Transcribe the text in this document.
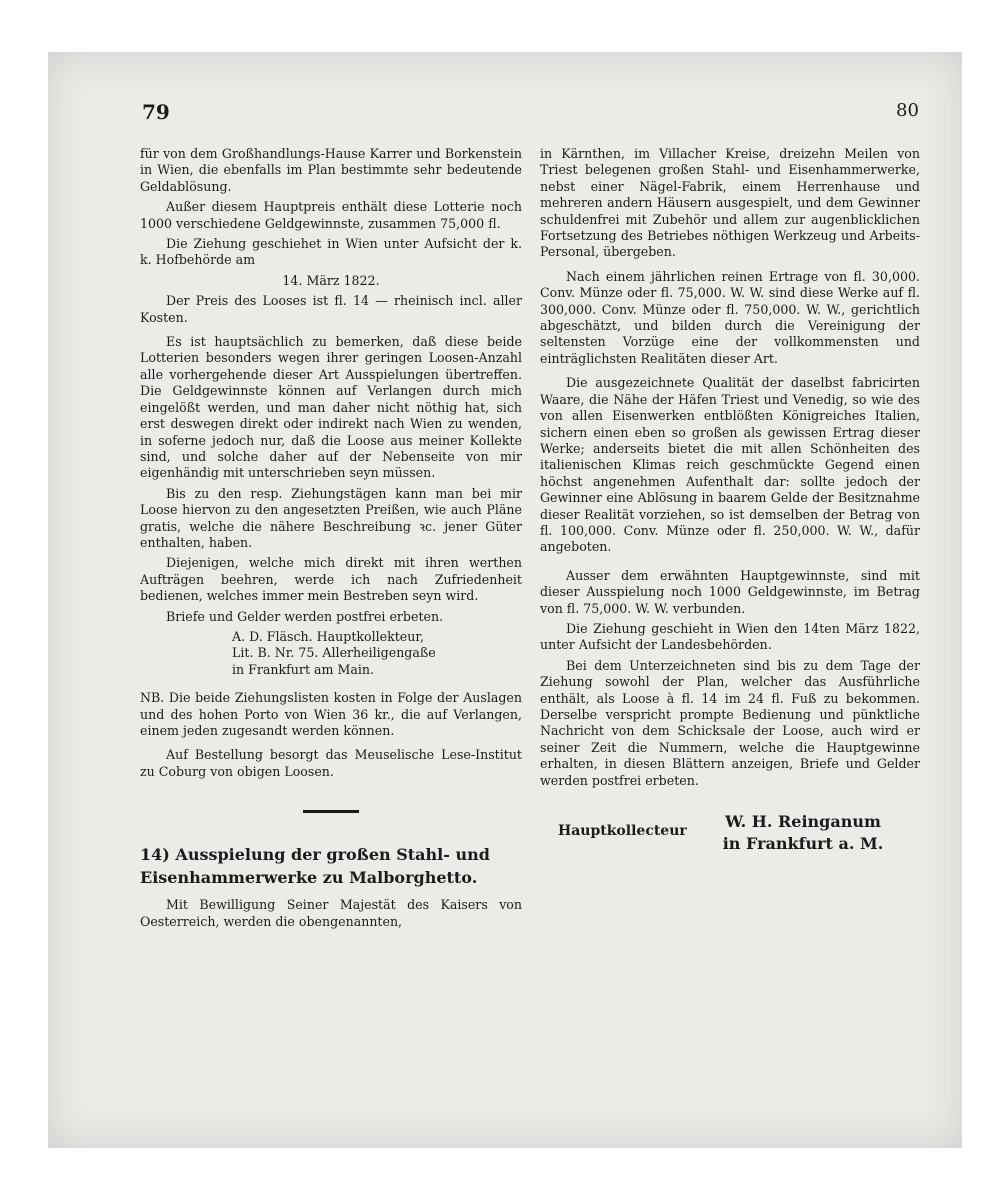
79	80

für von dem Großhandlungs-Hause Karrer und Borkenstein in Wien, die ebenfalls im Plan bestimmte sehr bedeutende Geldablösung.

Außer diesem Hauptpreis enthält diese Lotterie noch 1000 verschiedene Geldgewinnste, zusammen 75,000 fl.

Die Ziehung geschiehet in Wien unter Aufsicht der k. k. Hofbehörde am

14. März 1822.

Der Preis des Looses ist fl. 14 — rheinisch incl. aller Kosten.

Es ist hauptsächlich zu bemerken, daß diese beide Lotterien besonders wegen ihrer geringen Loosen-Anzahl alle vorhergehende dieser Art Ausspielungen übertreffen. Die Geldgewinnste können auf Verlangen durch mich eingelößt werden, und man daher nicht nöthig hat, sich erst deswegen direkt oder indirekt nach Wien zu wenden, in soferne jedoch nur, daß die Loose aus meiner Kollekte sind, und solche daher auf der Nebenseite von mir eigenhändig mit unterschrieben seyn müssen.

Bis zu den resp. Ziehungstägen kann man bei mir Loose hiervon zu den angesetzten Preißen, wie auch Pläne gratis, welche die nähere Beschreibung ꝛc. jener Güter enthalten, haben.

Diejenigen, welche mich direkt mit ihren werthen Aufträgen beehren, werde ich nach Zufriedenheit bedienen, welches immer mein Bestreben seyn wird.

Briefe und Gelder werden postfrei erbeten.

A. D. Fläsch. Hauptkollekteur,
Lit. B. Nr. 75. Allerheiligengaße
in Frankfurt am Main.

NB. Die beide Ziehungslisten kosten in Folge der Auslagen und des hohen Porto von Wien 36 kr., die auf Verlangen, einem jeden zugesandt werden können.

Auf Bestellung besorgt das Meuselische Lese-Institut zu Coburg von obigen Loosen.

14) Ausspielung der großen Stahl- und Eisenhammerwerke zu Malborghetto.

Mit Bewilligung Seiner Majestät des Kaisers von Oesterreich, werden die obengenannten,

in Kärnthen, im Villacher Kreise, dreizehn Meilen von Triest belegenen großen Stahl- und Eisenhammerwerke, nebst einer Nägel-Fabrik, einem Herrenhause und mehreren andern Häusern ausgespielt, und dem Gewinner schuldenfrei mit Zubehör und allem zur augenblicklichen Fortsetzung des Betriebes nöthigen Werkzeug und Arbeits-Personal, übergeben.

Nach einem jährlichen reinen Ertrage von fl. 30,000. Conv. Münze oder fl. 75,000. W. W. sind diese Werke auf fl. 300,000. Conv. Münze oder fl. 750,000. W. W., gerichtlich abgeschätzt, und bilden durch die Vereinigung der seltensten Vorzüge eine der vollkommensten und einträglichsten Realitäten dieser Art.

Die ausgezeichnete Qualität der daselbst fabricirten Waare, die Nähe der Häfen Triest und Venedig, so wie des von allen Eisenwerken entblößten Königreiches Italien, sichern einen eben so großen als gewissen Ertrag dieser Werke; anderseits bietet die mit allen Schönheiten des italienischen Klimas reich geschmückte Gegend einen höchst angenehmen Aufenthalt dar: sollte jedoch der Gewinner eine Ablösung in baarem Gelde der Besitznahme dieser Realität vorziehen, so ist demselben der Betrag von fl. 100,000. Conv. Münze oder fl. 250,000. W. W., dafür angeboten.

Ausser dem erwähnten Hauptgewinnste, sind mit dieser Ausspielung noch 1000 Geldgewinnste, im Betrag von fl. 75,000. W. W. verbunden.

Die Ziehung geschieht in Wien den 14ten März 1822, unter Aufsicht der Landesbehörden.

Bei dem Unterzeichneten sind bis zu dem Tage der Ziehung sowohl der Plan, welcher das Ausführliche enthält, als Loose à fl. 14 im 24 fl. Fuß zu bekommen. Derselbe verspricht prompte Bedienung und pünktliche Nachricht von dem Schicksale der Loose, auch wird er seiner Zeit die Nummern, welche die Hauptgewinne erhalten, in diesen Blättern anzeigen, Briefe und Gelder werden postfrei erbeten.

Hauptkollecteur	W. H. Reinganum
in Frankfurt a. M.
